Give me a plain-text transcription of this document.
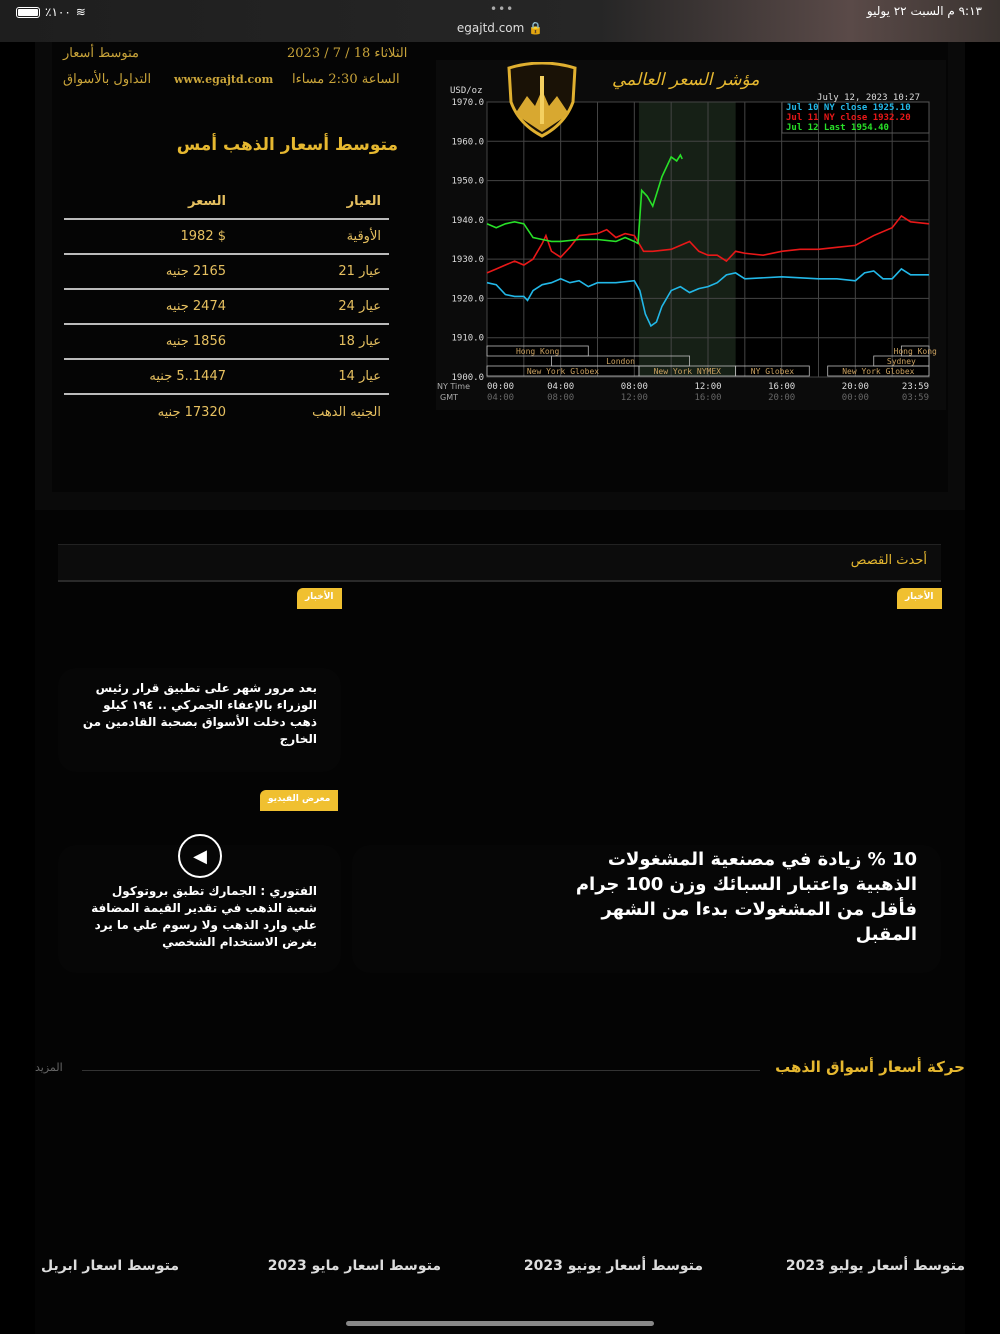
٪١٠٠ ≋	•••
egajtd.com 🔒
٩:١٣ م السبت ٢٢ يوليو
متوسط أسعار	الثلاثاء 18 / 7 / 2023
التداول بالأسواق www.egajtd.com الساعة 2:30 مساءا
متوسط أسعار الذهب أمس
العيار	السعر
الأوقية	$ 1982
عيار 21	2165 جنيه
عيار 24	2474 جنيه
عيار 18	1856 جنيه
عيار 14	1447..5 جنيه
الجنيه الدهب	17320 جنيه
1970.0
1960.0
1950.0
1940.0
1930.0
1920.0
1910.0
1900.0
USD/oz
00:00	04:00	08:00	12:00	16:00	20:00	23:59
04:00	08:00	12:00	16:00	20:00	00:00	03:59
NY Time
GMT
Hong Kong
London
New York Globex	New York NYMEX	NY Globex
Hong Kong
Sydney
New York Globex
Jul 10 NY close 1925.10
Jul 11 NY close 1932.20
Jul 12 Last 1954.40
July 12, 2023 10:27
مؤشر السعر العالمي
أحدث القصص
الأخبار
الأخبار

بعد مرور شهر على تطبيق قرار رئيس الوزراء بالإعفاء الجمركي .. ١٩٤ كيلو ذهب دخلت الأسواق بصحبة القادمين من الخارج

معرض الفيديو

الفتوري : الجمارك تطبق بروتوكول شعبة الذهب في تقدير القيمة المضافة علي وارد الذهب ولا رسوم علي ما يرد بغرض الاستخدام الشخصي

◀	10 % زيادة في مصنعية المشغولات الذهبية واعتبار السبائك وزن 100 جرام فأقل من المشغولات بدءا من الشهر المقبل

حركة أسعار أسواق الذهب
المزيد
متوسط أسعار يوليو 2023
متوسط أسعار يونيو 2023
متوسط اسعار مايو 2023
متوسط اسعار ابريل
